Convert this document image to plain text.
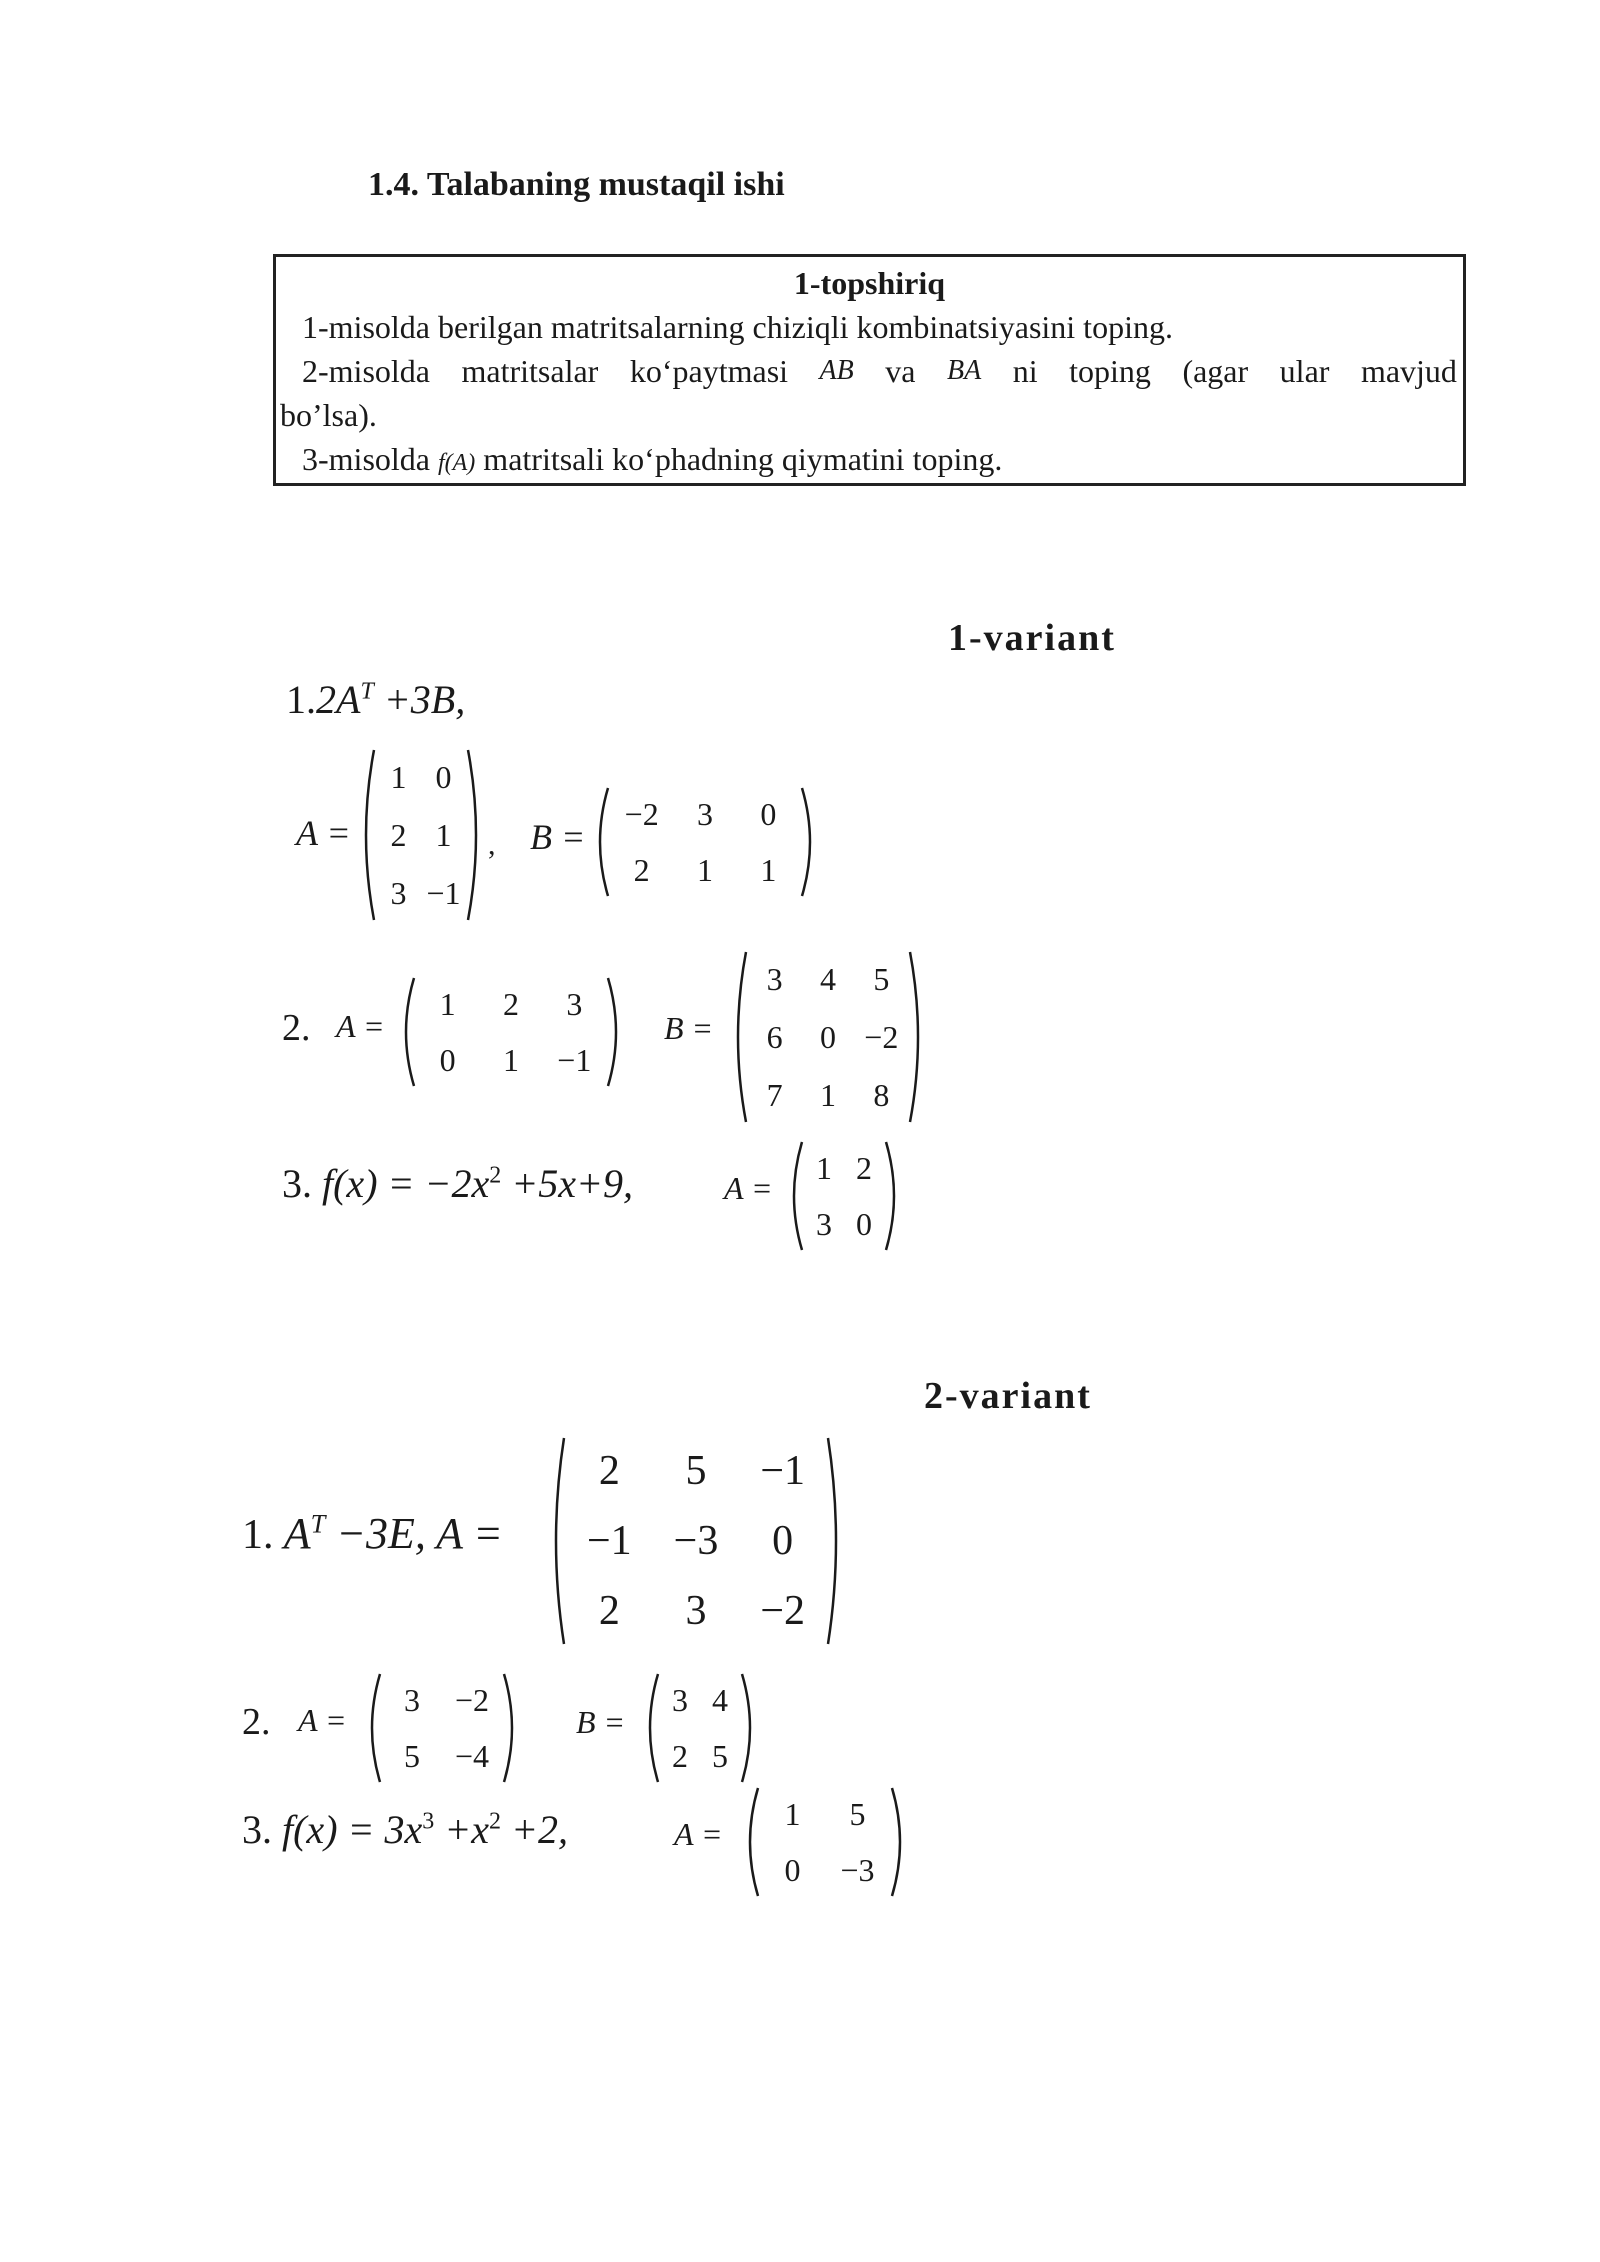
1.4. Talabaning mustaqil ishi
1-topshiriq
1-misolda berilgan matritsalarning chiziqli kombinatsiyasini toping.
2-misolda matritsalar ko‘paytmasi AB va BA ni toping (agar ular mavjud
bo’lsa).
3-misolda f(A) matritsali ko‘phadning qiymatini toping.
1-variant
$1.2A^T +3B$,
A =
1 0
2 1
3 −1
, B =
−2	3	0
2	1	1
2. A =
1	2	3
0	1	−1
B =
3	4	5
6	0 −2
7	1	8
3. $f(x) = -2x^2 +5x+9$,	A =
1 2
3 0
2-variant
1. $A^T -3E$, A =
2	5	−1
−1 −3	0
2	3	−2
2. A =
3	−2
5	−4
B =
3 4
2 5
3. $f(x) = 3x^3 +x^2 +2$,	A =
1	5
0	−3
